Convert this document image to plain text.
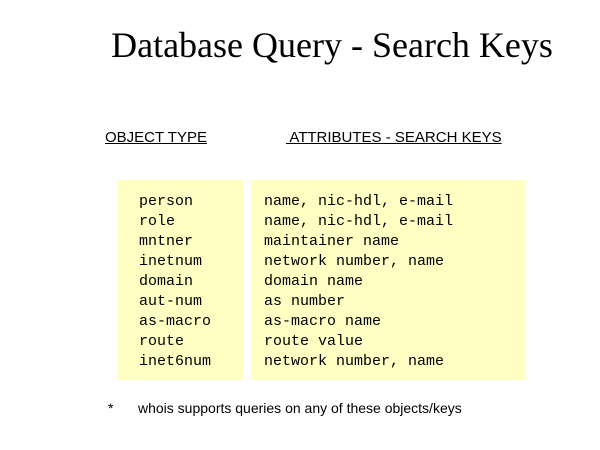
Database Query - Search Keys
OBJECT TYPE	ATTRIBUTES - SEARCH KEYS
person
role
mntner
inetnum
domain
aut-num
as-macro
route
inet6num
name, nic-hdl, e-mail
name, nic-hdl, e-mail
maintainer name
network number, name
domain name
as number
as-macro name
route value
network number, name
* whois supports queries on any of these objects/keys
